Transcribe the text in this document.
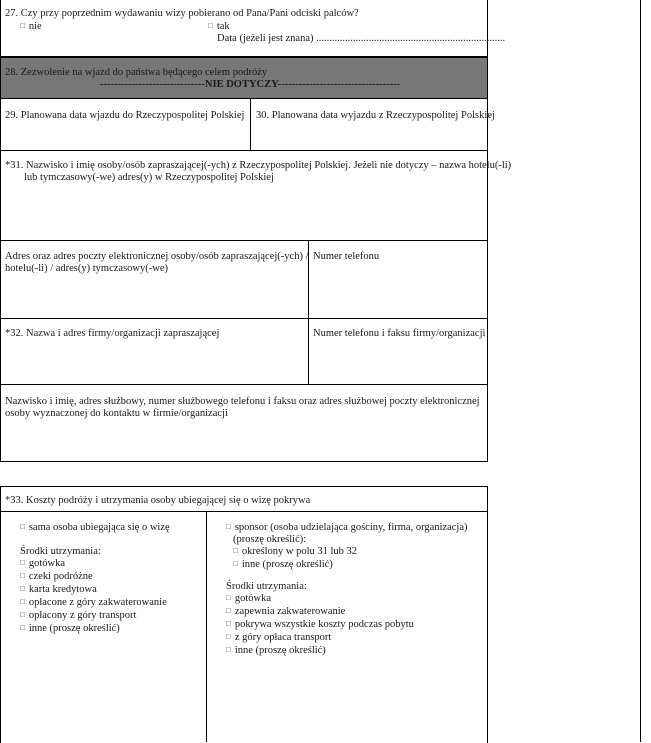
27. Czy przy poprzednim wydawaniu wizy pobierano od Pana/Pani odciski palców?
□ nie	□ tak
Data (jeżeli jest znana) ........................................................................
28. Zezwolenie na wjazd do państwa będącego celem podróży
------------------------------NIE DOTYCZY-----------------------------------
29. Planowana data wjazdu do Rzeczypospolitej Polskiej 30. Planowana data wyjazdu z Rzeczypospolitej Polskiej
*31. Nazwisko i imię osoby/osób zapraszającej(-ych) z Rzeczypospolitej Polskiej. Jeżeli nie dotyczy – nazwa hotelu(-li)
lub tymczasowy(-we) adres(y) w Rzeczypospolitej Polskiej
Adres oraz adres poczty elektronicznej osoby/osób zapraszającej(-ych) /
hotelu(-li) / adres(y) tymczasowy(-we)
Numer telefonu
*32. Nazwa i adres firmy/organizacji zapraszającej	Numer telefonu i faksu firmy/organizacji
Nazwisko i imię, adres służbowy, numer służbowego telefonu i faksu oraz adres służbowej poczty elektronicznej
osoby wyznaczonej do kontaktu w firmie/organizacji
*33. Koszty podróży i utrzymania osoby ubiegającej się o wizę pokrywa
□ sama osoba ubiegająca się o wizę
Środki utrzymania:
□ gotówka
□ czeki podróżne
□ karta kredytowa
□ opłacone z góry zakwaterowanie
□ opłacony z góry transport
□ inne (proszę określić)
□ sponsor (osoba udzielająca gościny, firma, organizacja)
(proszę określić):
□ określony w polu 31 lub 32
□ inne (proszę określić)
Środki utrzymania:
□ gotówka
□ zapewnia zakwaterowanie
□ pokrywa wszystkie koszty podczas pobytu
□ z góry opłaca transport
□ inne (proszę określić)
